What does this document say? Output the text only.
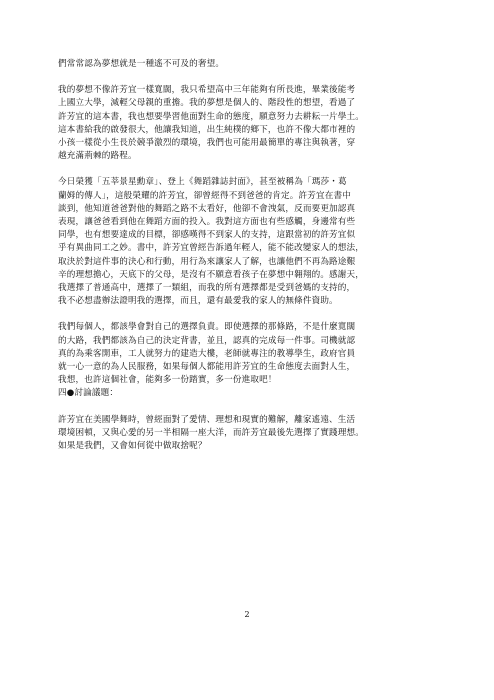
們常常認為夢想就是一種遙不可及的奢望。
我的夢想不像許芳宜一樣寬闊，我只希望高中三年能夠有所長進，畢業後能考
上國立大學，減輕父母親的重擔。我的夢想是個人的、階段性的想望，看過了
許芳宜的這本書，我也想要學習他面對生命的態度，願意努力去耕耘一片學土。
這本書給我的啟發很大，他讓我知道，出生純樸的鄉下，也許不像大都市裡的
小孩一樣從小生長於競爭激烈的環境，我們也可能用最簡單的專注與執著，穿
越充滿荊棘的路程。
今日榮獲「五莘景星勳章」、登上《舞蹈雜誌封面》，甚至被稱為「瑪莎・葛
蘭姆的傳人」，這般榮耀的許芳宜，卻曾經得不到爸爸的肯定。許芳宜在書中
談到，他知道爸爸對他的舞蹈之路不太看好，他卻不會洩氣，反而要更加認真
表現，讓爸爸看到他在舞蹈方面的投入。我對這方面也有些感觸，身邊常有些
同學，也有想要達成的目標，卻感嘆得不到家人的支持，這跟當初的許芳宜似
乎有異曲同工之妙。書中，許芳宜曾經告訴過年輕人，能不能改變家人的想法，
取決於對這件事的決心和行動，用行為來讓家人了解，也讓他們不再為路途艱
辛的理想擔心，天底下的父母，是沒有不願意看孩子在夢想中翱翔的。感謝天，
我選擇了普通高中，選擇了一類組，而我的所有選擇都是受到爸媽的支持的，
我不必想盡辦法證明我的選擇，而且，還有最愛我的家人的無條件資助。
我們每個人，都該學會對自己的選擇負責。即使選擇的那條路，不是什麼寬闊
的大路，我們都該為自己的決定背書，並且，認真的完成每一件事。司機就認
真的為乘客開車，工人就努力的建造大樓，老師就專注的教導學生，政府官員
就一心一意的為人民服務，如果每個人都能用許芳宜的生命態度去面對人生，
我想，也許這個社會，能夠多一份踏實，多一份進取吧！
四●討論議題：
許芳宜在美國學舞時，曾經面對了愛情、理想和現實的難解，離家遙遠、生活
環境困頓，又與心愛的另一半相隔一座大洋，而許芳宜最後先選擇了實踐理想。
如果是我們，又會如何從中做取捨呢？
2
